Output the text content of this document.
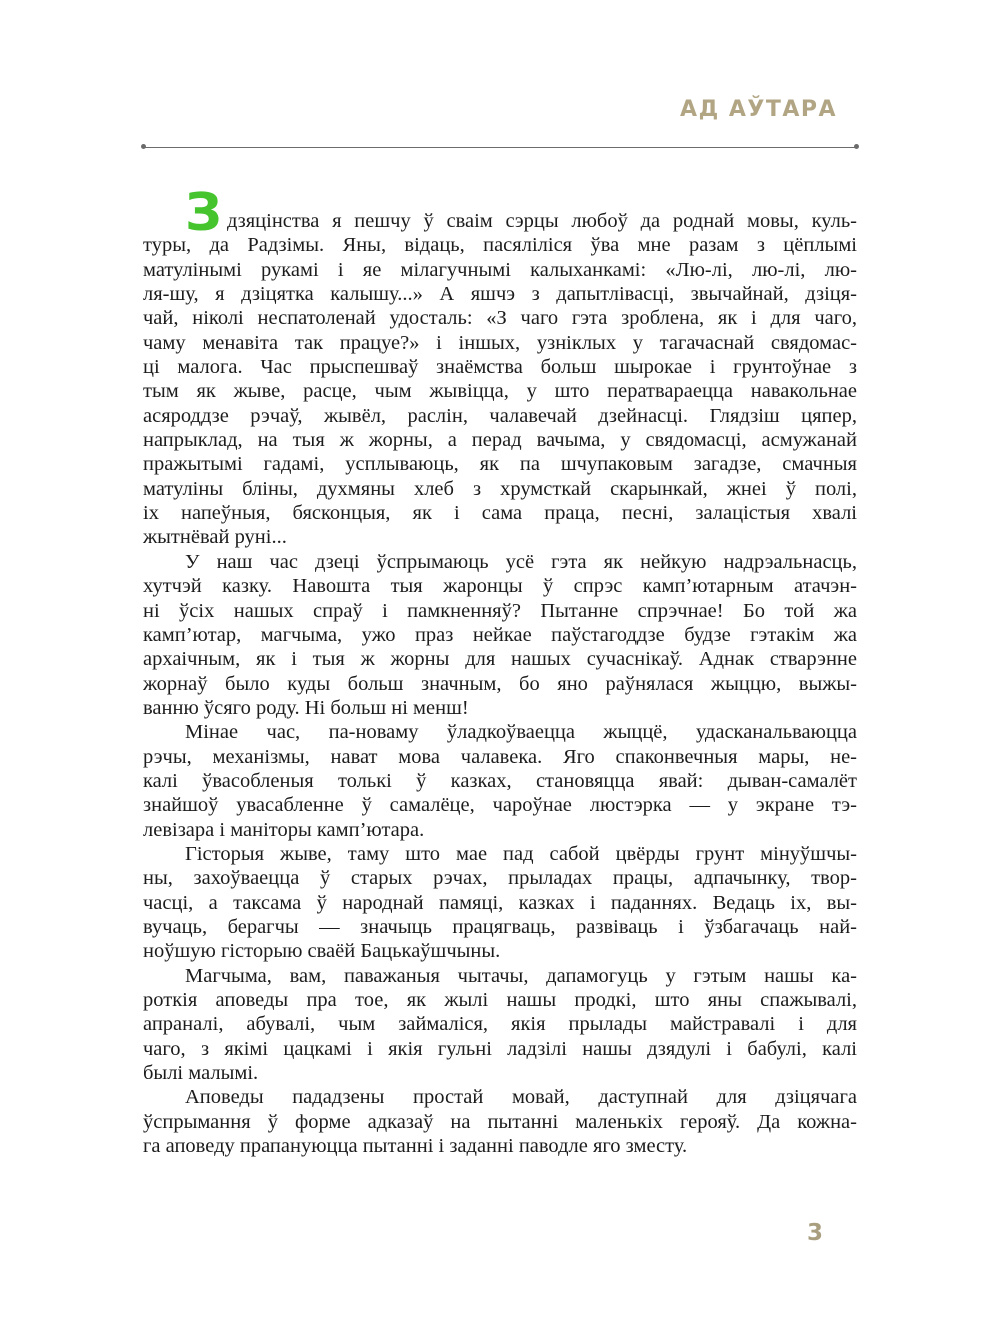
АД АЎТАРА
Здзяцінства я пешчу ў сваім сэрцы любоў да роднай мовы, куль-
туры, да Радзімы. Яны, відаць, пасяліліся ўва мне разам з цёплымі
матулінымі рукамі і яе мілагучнымі калыханкамі: «Лю-лі, лю-лі, лю-
ля-шу, я дзіцятка калышу...» А яшчэ з дапытлівасці, звычайнай, дзіця-
чай, ніколі неспатоленай удосталь: «З чаго гэта зроблена, як і для чаго,
чаму менавіта так працуе?» і іншых, узніклых у тагачаснай свядомас-
ці малога. Час прыспешваў знаёмства больш шырокае і грунтоўнае з
тым як жыве, расце, чым жывіцца, у што ператвараецца навакольнае
асяроддзе рэчаў, жывёл, раслін, чалавечай дзейнасці. Глядзіш цяпер,
напрыклад, на тыя ж жорны, а перад вачыма, у свядомасці, асмужанай
пражытымі гадамі, усплываюць, як па шчупаковым загадзе, смачныя
матуліны бліны, духмяны хлеб з хрумсткай скарынкай, жнеі ў полі,
іх напеўныя, бясконцыя, як і сама праца, песні, залацістыя хвалі
жытнёвай руні...
У наш час дзеці ўспрымаюць усё гэта як нейкую надрэальнасць,
хутчэй казку. Навошта тыя жаронцы ў спрэс камп’ютарным атачэн-
ні ўсіх нашых спраў і памкненняў? Пытанне спрэчнае! Бо той жа
камп’ютар, магчыма, ужо праз нейкае паўстагоддзе будзе гэтакім жа
архаічным, як і тыя ж жорны для нашых сучаснікаў. Аднак стварэнне
жорнаў было куды больш значным, бо яно раўнялася жыццю, выжы-
ванню ўсяго роду. Ні больш ні менш!
Мінае час, па-новаму ўладкоўваецца жыццё, удасканальваюцца
рэчы, механізмы, нават мова чалавека. Яго спаконвечныя мары, не-
калі ўвасобленыя толькі ў казках, становяцца явай: дыван-самалёт
знайшоў увасабленне ў самалёце, чароўнае люстэрка — у экране тэ-
левізара і маніторы камп’ютара.
Гісторыя жыве, таму што мае пад сабой цвёрды грунт мінуўшчы-
ны, захоўваецца ў старых рэчах, прыладах працы, адпачынку, твор-
часці, а таксама ў народнай памяці, казках і паданнях. Ведаць іх, вы-
вучаць, берагчы — значыць працягваць, развіваць і ўзбагачаць най-
ноўшую гісторыю сваёй Бацькаўшчыны.
Магчыма, вам, паважаныя чытачы, дапамогуць у гэтым нашы ка-
роткія аповеды пра тое, як жылі нашы продкі, што яны спажывалі,
апраналі, абувалі, чым займаліся, якія прылады майстравалі і для
чаго, з якімі цацкамі і якія гульні ладзілі нашы дзядулі і бабулі, калі
былі малымі.
Аповеды пададзены простай мовай, даступнай для дзіцячага
ўспрымання ў форме адказаў на пытанні маленькіх герояў. Да кожна-
га аповеду прапануюцца пытанні і заданні паводле яго зместу.
3
